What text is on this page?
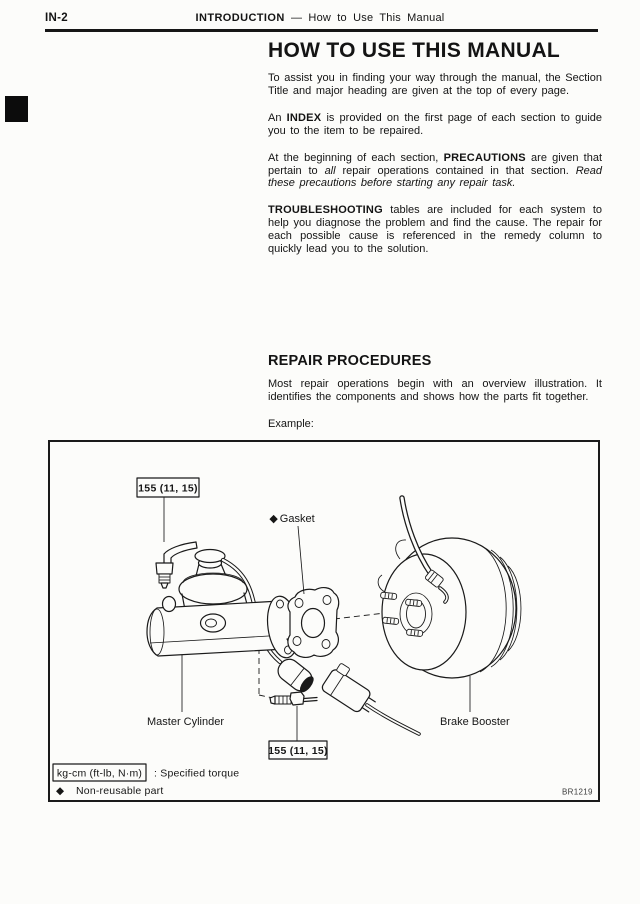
IN-2	INTRODUCTION — How to Use This Manual
HOW TO USE THIS MANUAL

To assist you in finding your way through the manual, the Section Title and major heading are given at the top of every page.

An INDEX is provided on the first page of each section to guide you to the item to be repaired.

At the beginning of each section, PRECAUTIONS are given that pertain to all repair operations contained in that section. Read these precautions before starting any repair task.

TROUBLESHOOTING tables are included for each system to help you diagnose the problem and find the cause. The repair for each possible cause is referenced in the remedy column to quickly lead you to the solution.

REPAIR PROCEDURES

Most repair operations begin with an overview illustration. It identifies the components and shows how the parts fit together.

Example:

155 (11, 15)
155 (11, 15)
◆ Gasket
Master Cylinder	Brake Booster
kg-cm (ft-lb, N·m) : Specified torque
◆ Non-reusable part	BR1219
